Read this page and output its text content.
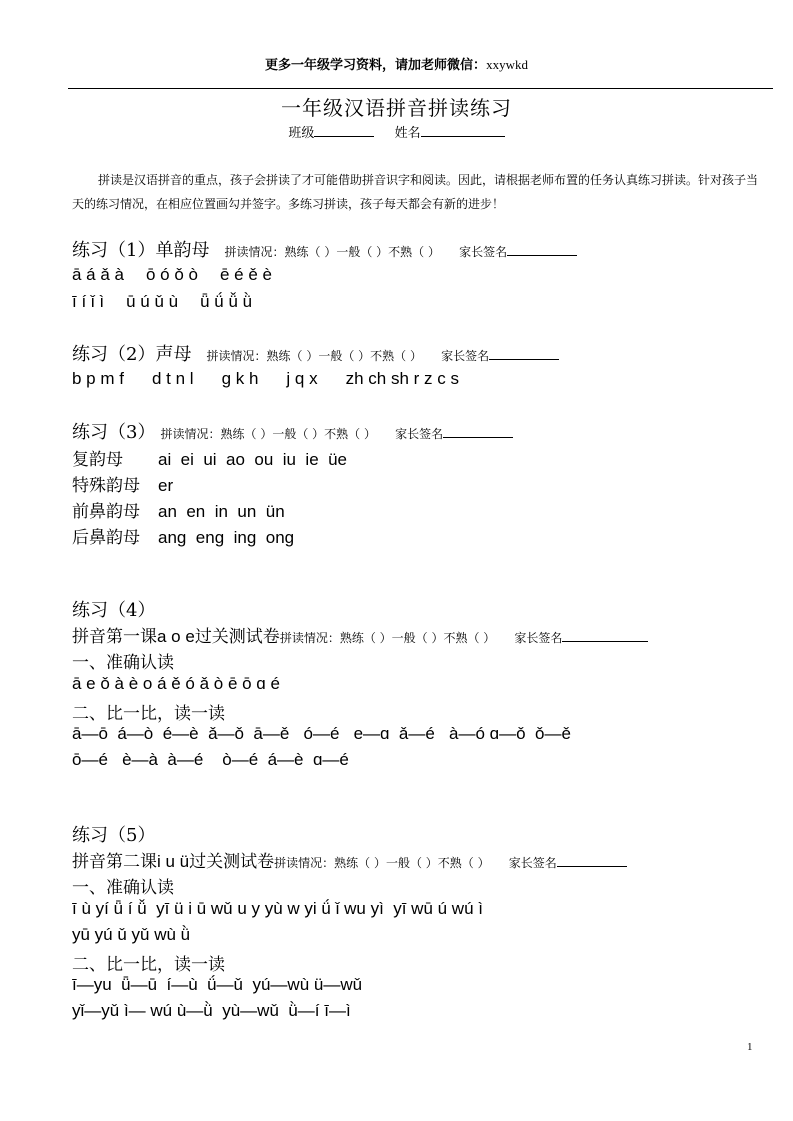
更多一年级学习资料，请加老师微信：xxywkd
一年级汉语拼音拼读练习
班级	姓名

拼读是汉语拼音的重点，孩子会拼读了才可能借助拼音识字和阅读。因此，请根据老师布置的任务认真练习拼读。针对孩子当天的练习情况，在相应位置画勾并签字。多练习拼读，孩子每天都会有新的进步！

练习（1）单韵母 拼读情况：熟练（ ）一般（ ）不熟（ ） 家长签名
ā á ǎ à ō ó ǒ ò ē é ě è
ī í ǐ ì ū ú ǔ ù ǖ ǘ ǚ ǜ
练习（2）声母 拼读情况：熟练（ ）一般（ ）不熟（ ） 家长签名
b p m f d t n l g k h j q x zh ch sh r z c s
练习（3） 拼读情况：熟练（ ）一般（ ）不熟（ ） 家长签名
复韵母 ai  ei  ui  ao  ou  iu  ie  üe
特殊韵母 er
前鼻韵母 an  en  in  un  ün
后鼻韵母 ang  eng  ing  ong
练习（4）
拼音第一课a o e过关测试卷拼读情况：熟练（ ）一般（ ）不熟（ ） 家长签名
一、准确认读
ā e ǒ à è o á ě ó ǎ ò ē ō ɑ é
二、比一比，读一读
ā—ō  á—ò  é—è  ǎ—ǒ  ā—ě   ó—é   e—ɑ  ǎ—é   à—ó ɑ—ǒ  ǒ—ě
ō—é   è—à  à—é    ò—é  á—è  ɑ—é
练习（5）
拼音第二课i u ü过关测试卷拼读情况：熟练（ ）一般（ ）不熟（ ） 家长签名
一、准确认读
ī ù yí ǖ í ǚ  yī ü i ū wǔ u y yù w yi ǘ ǐ wu yì  yī wū ú wú ì
yū yú ǔ yǔ wù ǜ
二、比一比，读一读
ī—yu  ǖ—ū  í—ù  ǘ—ǔ  yú—wù ü—wǔ
yǐ—yǔ ì— wú ù—ǜ  yù—wǔ  ǜ—í ī—ì
1
